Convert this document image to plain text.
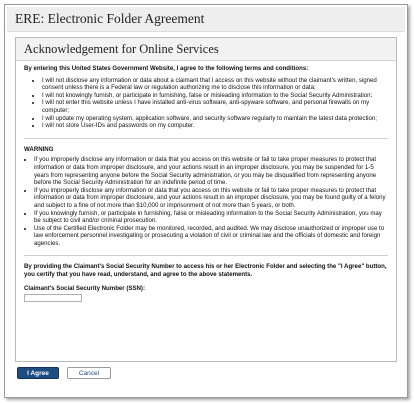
ERE: Electronic Folder Agreement
Acknowledgement for Online Services

By entering this United States Government Website, I agree to the following terms and conditions:

• I will not disclose any information or data about a claimant that I access on this website without the claimant's written, signed consent unless there is a Federal law or regulation authorizing me to disclose this information or data;
• I will not knowingly furnish, or participate in furnishing, false or misleading information to the Social Security Administration;
• I will not enter this website unless I have installed anti-virus software, anti-spyware software, and personal firewalls on my computer;
• I will update my operating system, application software, and security software regularly to maintain the latest data protection;
• I will not store User-IDs and passwords on my computer.

WARNING

• If you improperly disclose any information or data that you access on this website or fail to take proper measures to protect that information or data from improper disclosure, and your actions result in an improper disclosure, you may be suspended for 1-5 years from representing anyone before the Social Security administration, or you may be disqualified from representing anyone before the Social Security Administration for an indefinite period of time.
• If you improperly disclose any information or data that you access on this website or fail to take proper measures to protect that information or data from improper disclosure, and your actions result in an improper disclosure, you may be found guilty of a felony and subject to a fine of not more than $10,000 or imprisonment of not more than 5 years, or both.
• If you knowingly furnish, or participate in furnishing, false or misleading information to the Social Security Administration, you may be subject to civil and/or criminal prosecution.
• Use of the Certified Electronic Folder may be monitored, recorded, and audited. We may disclose unauthorized or improper use to law enforcement personnel investigating or prosecuting a violation of civil or criminal law and the officials of domestic and foreign agencies.

By providing the Claimant's Social Security Number to access his or her Electronic Folder and selecting the "I Agree" button, you certify that you have read, understand, and agree to the above statements.

Claimant's Social Security Number (SSN):

I Agree	Cancel
